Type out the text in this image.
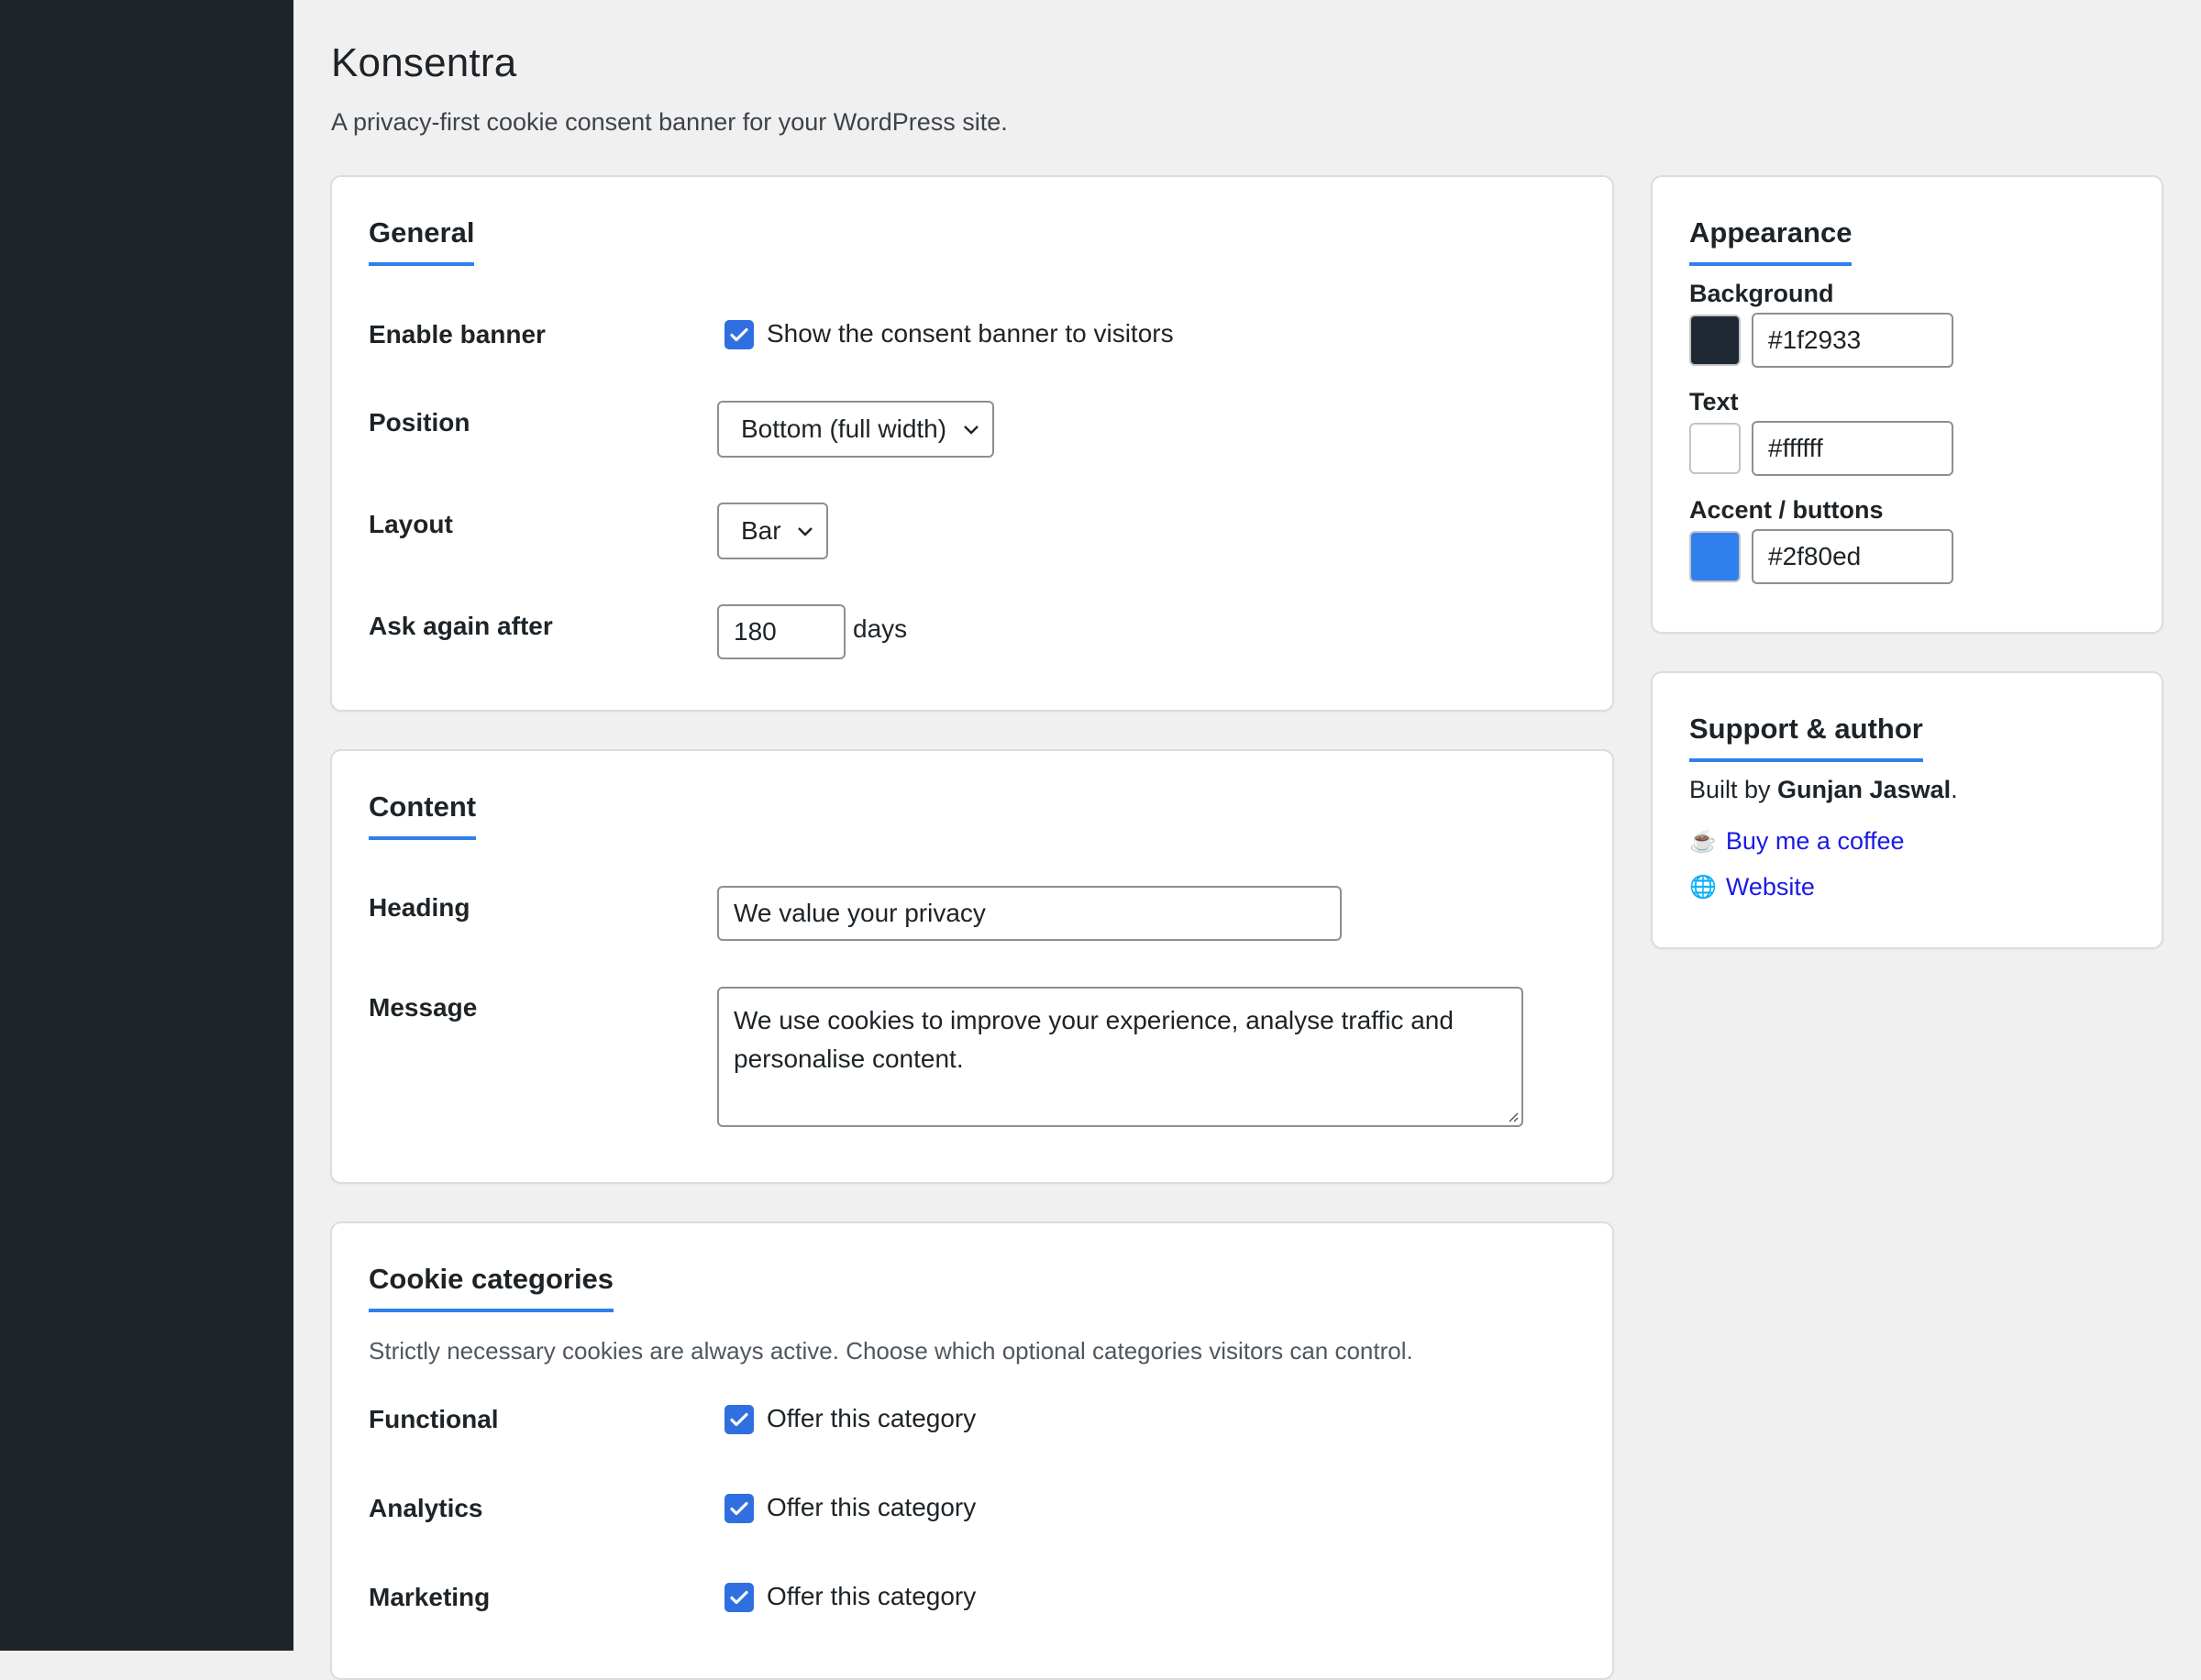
Konsentra

A privacy-first cookie consent banner for your WordPress site.

General
Enable banner	Show the consent banner to visitors
Position	Bottom (full width)
Layout	Bar
Ask again after	180	days
Content
Heading	We value your privacy
Message	We use cookies to improve your experience, analyse traffic and personalise content.
Cookie categories

Strictly necessary cookies are always active. Choose which optional categories visitors can control.

Functional	Offer this category
Analytics	Offer this category
Marketing	Offer this category
Appearance
Background
#1f2933
Text
#ffffff
Accent / buttons
#2f80ed
Support & author
Built by Gunjan Jaswal.
☕ Buy me a coffee
🌐 Website
